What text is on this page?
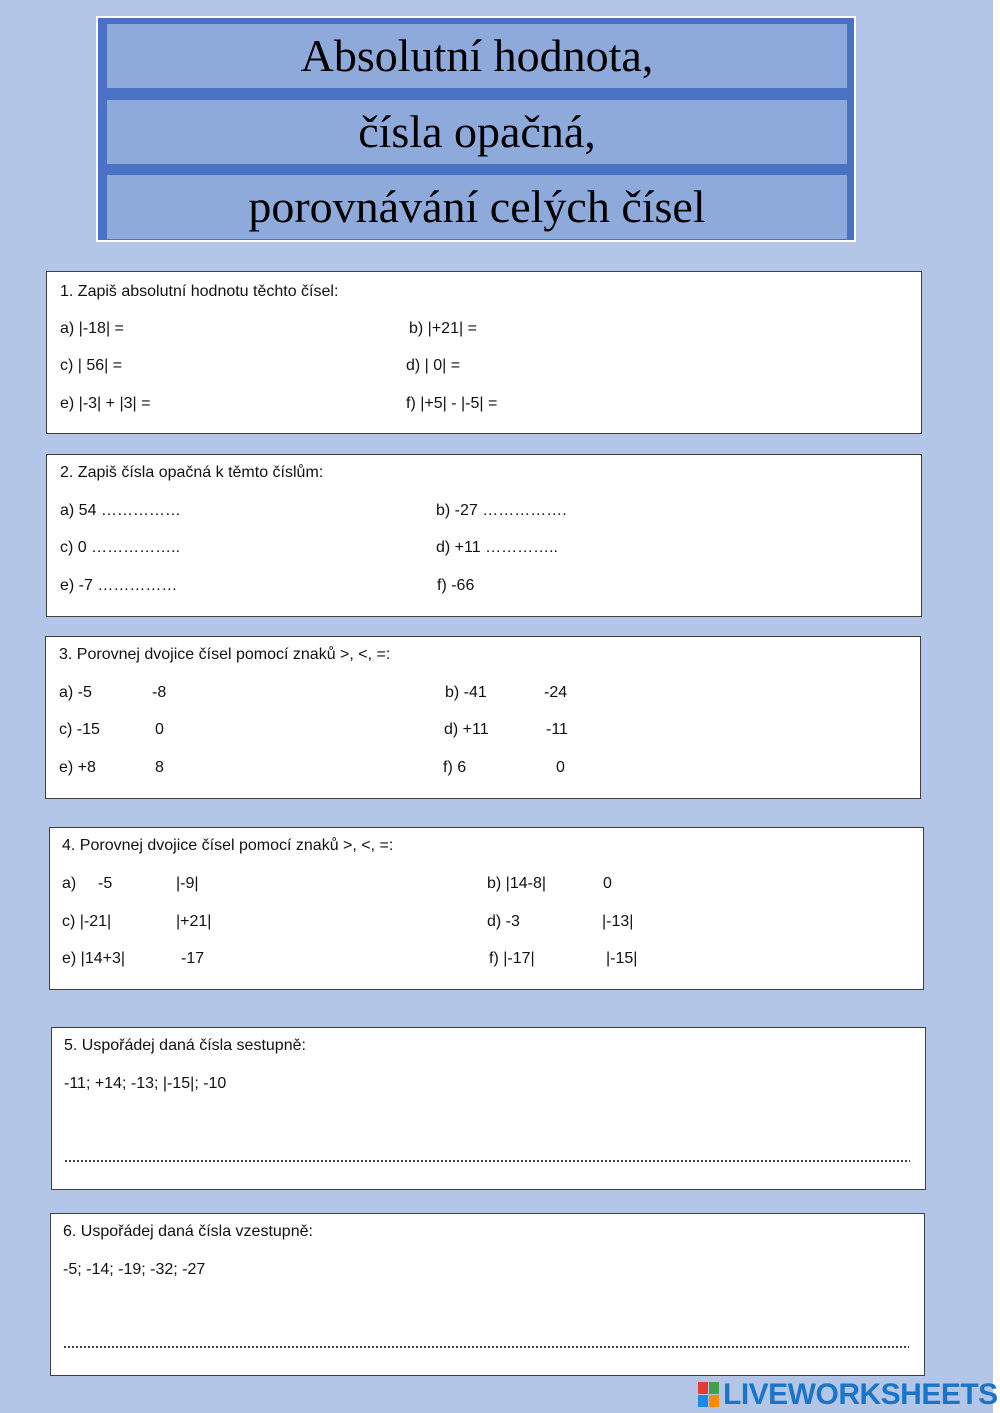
Absolutní hodnota,
čísla opačná,
porovnávání celých čísel
1. Zapiš absolutní hodnotu těchto čísel:
a) |-18| =	b) |+21| =
c) | 56| =	d) | 0| =
e) |-3| + |3| =	f) |+5| - |-5| =
2. Zapiš čísla opačná k těmto číslům:
a) 54 ……………	b) -27 …………….
c) 0 ……………..	d) +11 …………..
e) -7 ……………	f) -66
3. Porovnej dvojice čísel pomocí znaků >, <, =:
a) -5	-8	b) -41	-24
c) -15	0	d) +11	-11
e) +8	8	f) 6	0
4. Porovnej dvojice čísel pomocí znaků >, <, =:
a) -5	|-9|	b) |14-8|	0
c) |-21|	|+21|	d) -3	|-13|
e) |14+3|	-17	f) |-17|	|-15|
5. Uspořádej daná čísla sestupně:
-11; +14; -13; |-15|; -10
6. Uspořádej daná čísla vzestupně:
-5; -14; -19; -32; -27
LIVEWORKSHEETS
